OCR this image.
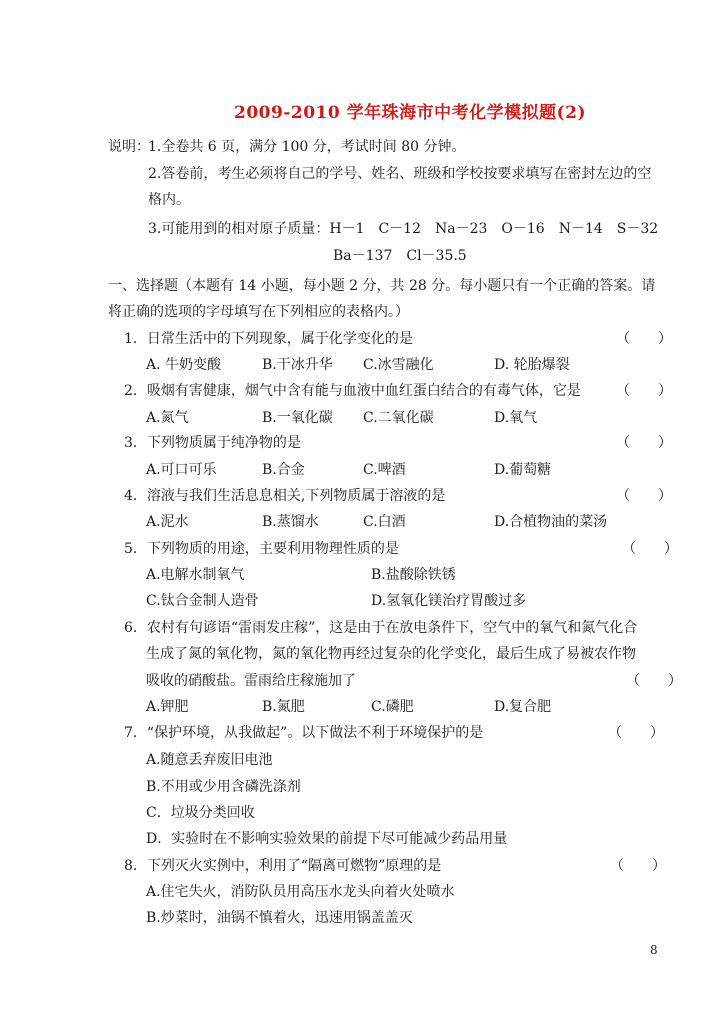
2009-2010 学年珠海市中考化学模拟题(2)
说明：
1.全卷共 6 页，满分 100 分，考试时间 80 分钟。
2.答卷前，考生必须将自己的学号、姓名、班级和学校按要求填写在密封左边的空
格内。
3.可能用到的相对原子质量：H－1　C－12　Na－23　O－16　N－14　S－32
Ba－137　Cl－35.5
一、选择题（本题有 14 小题，每小题 2 分，共 28 分。每小题只有一个正确的答案。请
将正确的选项的字母填写在下列相应的表格内。）
1．日常生活中的下列现象，属于化学变化的是	（　　）
A. 牛奶变酸	B.干冰升华 C.冰雪融化	D. 轮胎爆裂
2．吸烟有害健康，烟气中含有能与血液中血红蛋白结合的有毒气体，它是	（　　）
A.氮气	B.一氧化碳 C.二氧化碳	D.氧气
3．下列物质属于纯净物的是	（　　）
A.可口可乐	B.合金	C.啤酒	D.葡萄糖
4．溶液与我们生活息息相关,下列物质属于溶液的是	（　　）
A.泥水	B.蒸馏水	C.白酒	D.合植物油的菜汤
5．下列物质的用途，主要利用物理性质的是	（　　）
A.电解水制氧气	B.盐酸除铁锈
C.钛合金制人造骨	D.氢氧化镁治疗胃酸过多
6．农村有句谚语“雷雨发庄稼”，这是由于在放电条件下，空气中的氧气和氮气化合
生成了氮的氧化物，氮的氧化物再经过复杂的化学变化，最后生成了易被农作物
吸收的硝酸盐。雷雨给庄稼施加了	（　　）
A.钾肥	B.氮肥	C.磷肥	D.复合肥
7．“保护环境，从我做起”。以下做法不利于环境保护的是	（　　）
A.随意丢弃废旧电池
B.不用或少用含磷洗涤剂
C．垃圾分类回收
D．实验时在不影响实验效果的前提下尽可能减少药品用量
8．下列灭火实例中，利用了“隔离可燃物”原理的是	（　　）
A.住宅失火，消防队员用高压水龙头向着火处喷水
B.炒菜时，油锅不慎着火，迅速用锅盖盖灭
8
